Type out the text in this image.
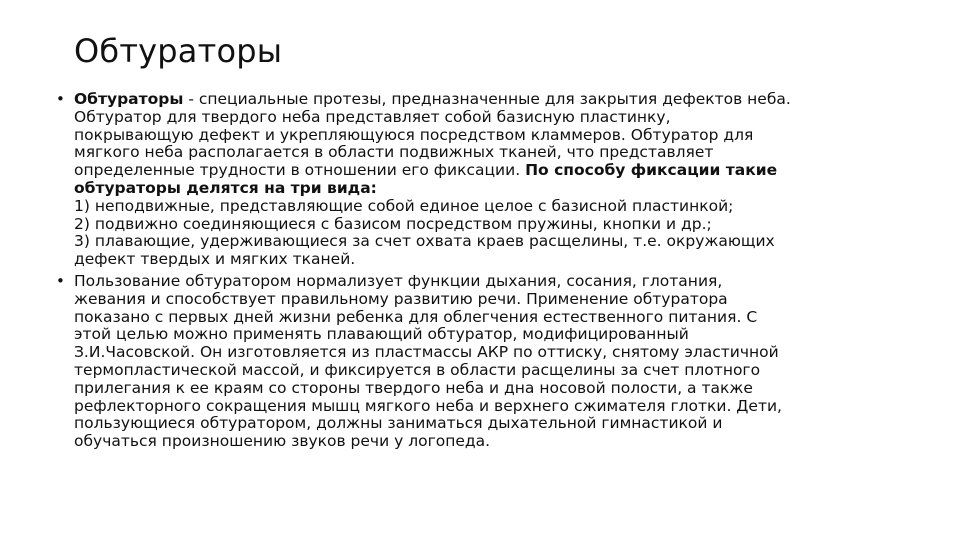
Обтураторы
• Обтураторы - специальные протезы, предназначенные для закрытия дефектов неба.
Обтуратор для твердого неба представляет собой базисную пластинку,
покрывающую дефект и укрепляющуюся посредством кламмеров. Обтуратор для
мягкого неба располагается в области подвижных тканей, что представляет
определенные трудности в отношении его фиксации. По способу фиксации такие
обтураторы делятся на три вида:
1) неподвижные, представляющие собой единое целое с базисной пластинкой;
2) подвижно соединяющиеся с базисом посредством пружины, кнопки и др.;
3) плавающие, удерживающиеся за счет охвата краев расщелины, т.е. окружающих
дефект твердых и мягких тканей.
• Пользование обтуратором нормализует функции дыхания, сосания, глотания,
жевания и способствует правильному развитию речи. Применение обтуратора
показано с первых дней жизни ребенка для облегчения естественного питания. С
этой целью можно применять плавающий обтуратор, модифицированный
З.И.Часовской. Он изготовляется из пластмассы АКР по оттиску, снятому эластичной
термопластической массой, и фиксируется в области расщелины за счет плотного
прилегания к ее краям со стороны твердого неба и дна носовой полости, а также
рефлекторного сокращения мышц мягкого неба и верхнего сжимателя глотки. Дети,
пользующиеся обтуратором, должны заниматься дыхательной гимнастикой и
обучаться произношению звуков речи у логопеда.
